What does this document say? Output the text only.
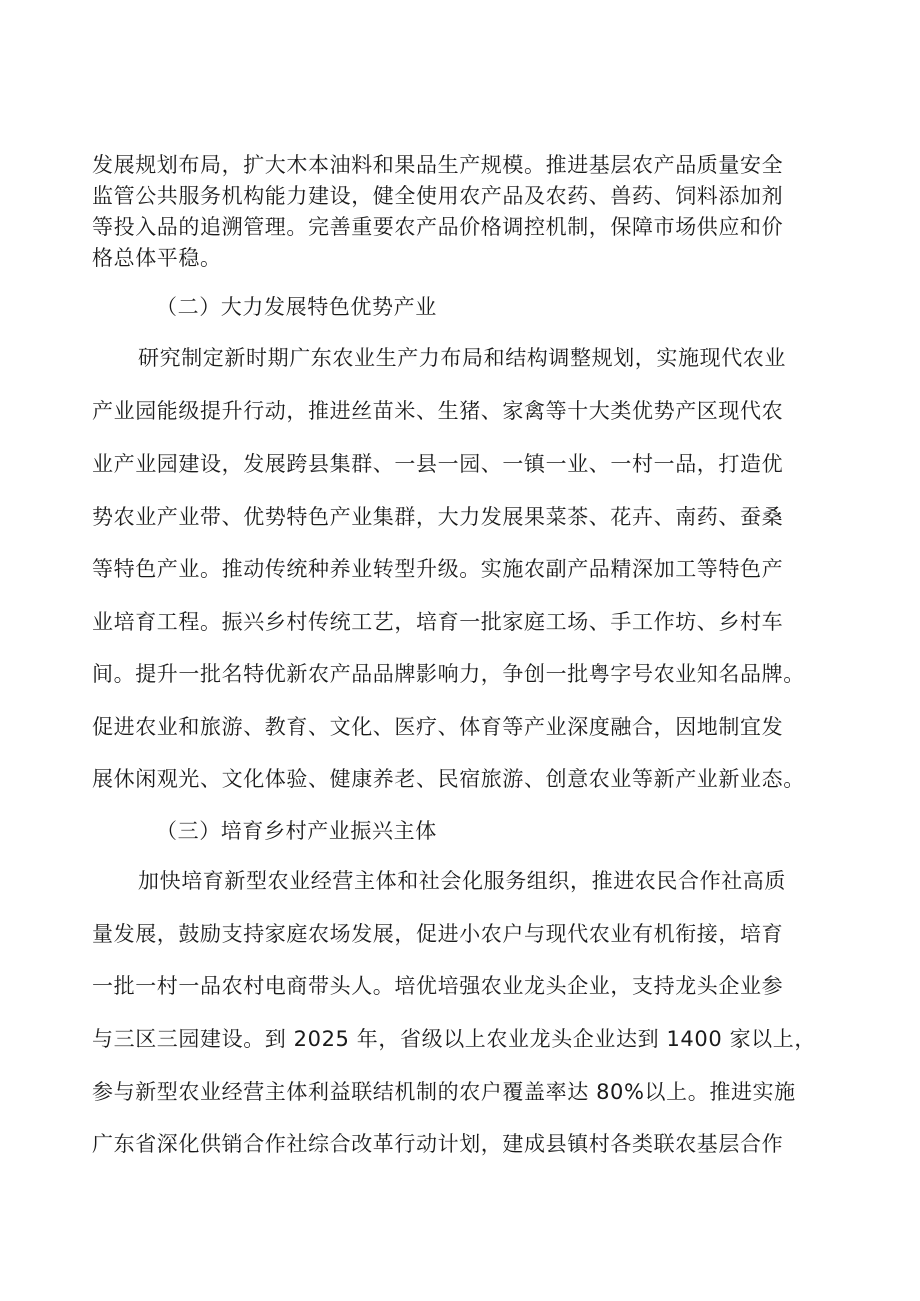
发展规划布局，扩大木本油料和果品生产规模。推进基层农产品质量安全
监管公共服务机构能力建设，健全使用农产品及农药、兽药、饲料添加剂
等投入品的追溯管理。完善重要农产品价格调控机制，保障市场供应和价
格总体平稳。
（二）大力发展特色优势产业
研究制定新时期广东农业生产力布局和结构调整规划，实施现代农业
产业园能级提升行动，推进丝苗米、生猪、家禽等十大类优势产区现代农
业产业园建设，发展跨县集群、一县一园、一镇一业、一村一品，打造优
势农业产业带、优势特色产业集群，大力发展果菜茶、花卉、南药、蚕桑
等特色产业。推动传统种养业转型升级。实施农副产品精深加工等特色产
业培育工程。振兴乡村传统工艺，培育一批家庭工场、手工作坊、乡村车
间。提升一批名特优新农产品品牌影响力，争创一批粤字号农业知名品牌。
促进农业和旅游、教育、文化、医疗、体育等产业深度融合，因地制宜发
展休闲观光、文化体验、健康养老、民宿旅游、创意农业等新产业新业态。
（三）培育乡村产业振兴主体
加快培育新型农业经营主体和社会化服务组织，推进农民合作社高质
量发展，鼓励支持家庭农场发展，促进小农户与现代农业有机衔接，培育
一批一村一品农村电商带头人。培优培强农业龙头企业，支持龙头企业参
与三区三园建设。到 2025 年，省级以上农业龙头企业达到 1400 家以上，
参与新型农业经营主体利益联结机制的农户覆盖率达 80%以上。推进实施
广东省深化供销合作社综合改革行动计划，建成县镇村各类联农基层合作
